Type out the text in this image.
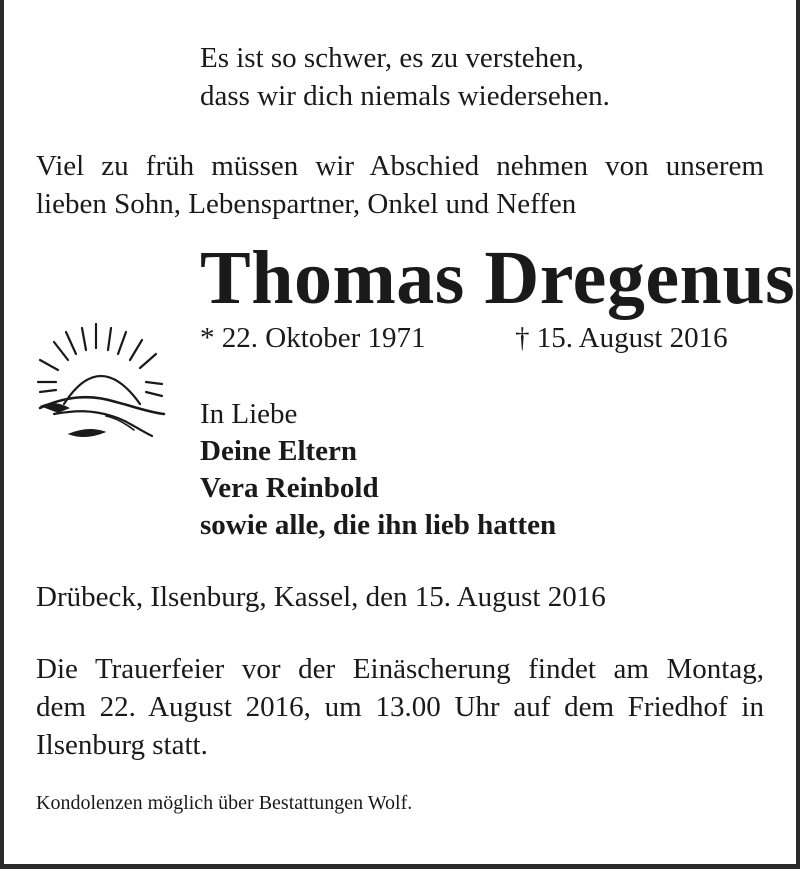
Es ist so schwer, es zu verstehen,
dass wir dich niemals wiedersehen.
Viel zu früh müssen wir Abschied nehmen von unserem
lieben Sohn, Lebenspartner, Onkel und Neffen
Thomas Dregenus
* 22. Oktober 1971	† 15. August 2016
In Liebe
Deine Eltern
Vera Reinbold
sowie alle, die ihn lieb hatten
Drübeck, Ilsenburg, Kassel, den 15. August 2016
Die Trauerfeier vor der Einäscherung findet am Montag,
dem 22. August 2016, um 13.00 Uhr auf dem Friedhof in
Ilsenburg statt.
Kondolenzen möglich über Bestattungen Wolf.
